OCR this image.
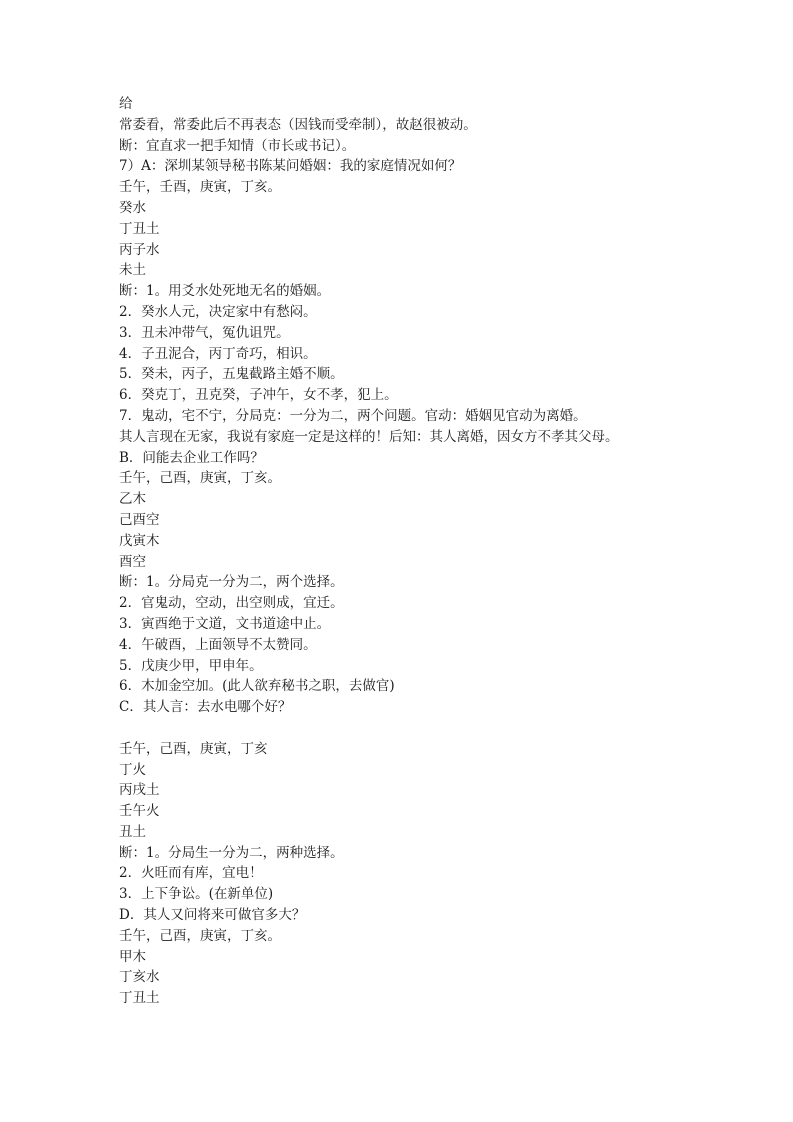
给
常委看，常委此后不再表态（因钱而受牵制），故赵很被动。
断：宜直求一把手知情（市长或书记）。
7）A：深圳某领导秘书陈某问婚姻：我的家庭情况如何？
壬午，壬酉，庚寅，丁亥。
癸水
丁丑土
丙子水
未土
断：1。用爻水处死地无名的婚姻。
2．癸水人元，决定家中有愁闷。
3．丑未冲带气，冤仇诅咒。
4．子丑泥合，丙丁奇巧，相识。
5．癸未，丙子，五鬼截路主婚不顺。
6．癸克丁，丑克癸，子冲午，女不孝，犯上。
7．鬼动，宅不宁，分局克：一分为二，两个问题。官动：婚姻见官动为离婚。
其人言现在无家，我说有家庭一定是这样的！后知：其人离婚，因女方不孝其父母。
B．问能去企业工作吗？
壬午，己酉，庚寅，丁亥。
乙木
己酉空
戊寅木
酉空
断：1。分局克一分为二，两个选择。
2．官鬼动，空动，出空则成，宜迁。
3．寅酉绝于文道，文书道途中止。
4．午破酉，上面领导不太赞同。
5．戊庚少甲，甲申年。
6．木加金空加。(此人欲弃秘书之职，去做官)
C．其人言：去水电哪个好？
壬午，己酉，庚寅，丁亥
丁火
丙戌土
壬午火
丑土
断：1。分局生一分为二，两种选择。
2．火旺而有库，宜电！
3．上下争讼。(在新单位)
D．其人又问将来可做官多大？
壬午，己酉，庚寅，丁亥。
甲木
丁亥水
丁丑土
